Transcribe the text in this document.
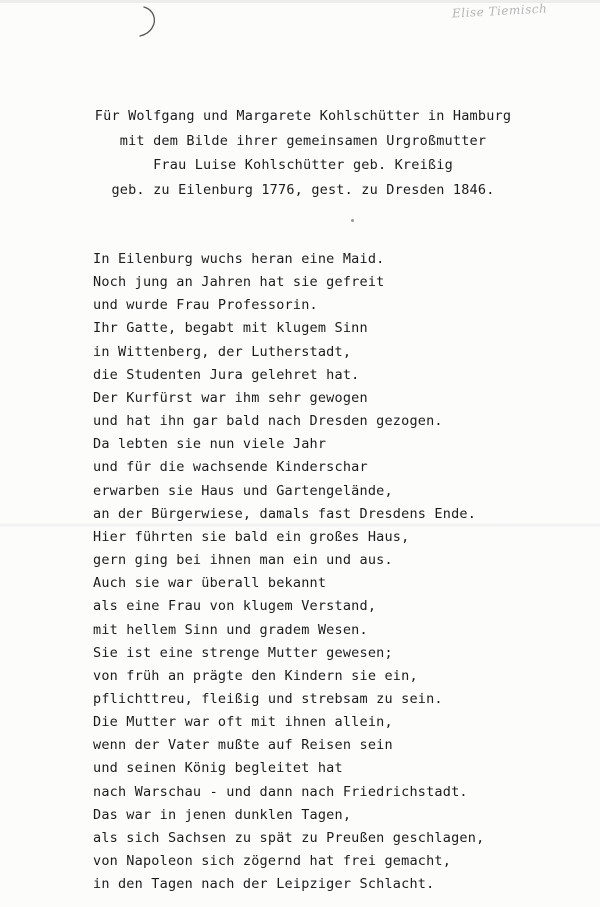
Elise Tiemisch
Für Wolfgang und Margarete Kohlschütter in Hamburg
mit dem Bilde ihrer gemeinsamen Urgroßmutter
Frau Luise Kohlschütter geb. Kreißig
geb. zu Eilenburg 1776, gest. zu Dresden 1846.
In Eilenburg wuchs heran eine Maid.
Noch jung an Jahren hat sie gefreit
und wurde Frau Professorin.
Ihr Gatte, begabt mit klugem Sinn
in Wittenberg, der Lutherstadt,
die Studenten Jura gelehret hat.
Der Kurfürst war ihm sehr gewogen
und hat ihn gar bald nach Dresden gezogen.
Da lebten sie nun viele Jahr
und für die wachsende Kinderschar
erwarben sie Haus und Gartengelände,
an der Bürgerwiese, damals fast Dresdens Ende.
Hier führten sie bald ein großes Haus,
gern ging bei ihnen man ein und aus.
Auch sie war überall bekannt
als eine Frau von klugem Verstand,
mit hellem Sinn und gradem Wesen.
Sie ist eine strenge Mutter gewesen;
von früh an prägte den Kindern sie ein,
pflichttreu, fleißig und strebsam zu sein.
Die Mutter war oft mit ihnen allein,
wenn der Vater mußte auf Reisen sein
und seinen König begleitet hat
nach Warschau - und dann nach Friedrichstadt.
Das war in jenen dunklen Tagen,
als sich Sachsen zu spät zu Preußen geschlagen,
von Napoleon sich zögernd hat frei gemacht,
in den Tagen nach der Leipziger Schlacht.
